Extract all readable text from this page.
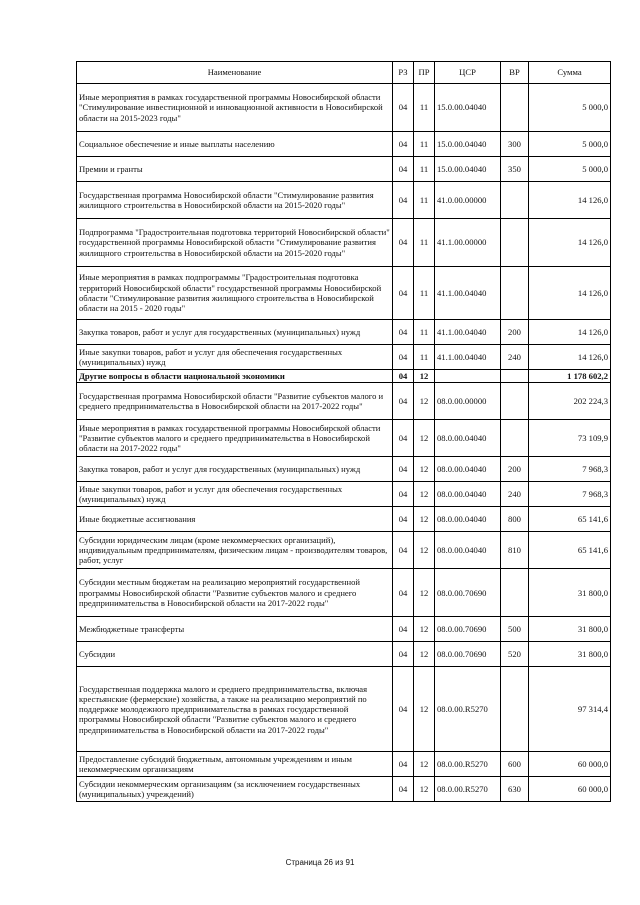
Наименование	РЗ	ПР	ЦСР	ВР	Сумма
Иные мероприятия в рамках государственной программы Новосибирской области "Стимулирование инвестиционной и инновационной активности в Новосибирской области на 2015-2023 годы"	04	11	15.0.00.04040		5 000,0
Социальное обеспечение и иные выплаты населению	04	11	15.0.00.04040	300	5 000,0
Премии и гранты	04	11	15.0.00.04040	350	5 000,0
Государственная программа Новосибирской области "Стимулирование развития жилищного строительства в Новосибирской области на 2015-2020 годы"	04	11	41.0.00.00000		14 126,0
Подпрограмма "Градостроительная подготовка территорий Новосибирской области" государственной программы Новосибирской области "Стимулирование развития жилищного строительства в Новосибирской области на 2015-2020 годы"	04	11	41.1.00.00000		14 126,0
Иные мероприятия в рамках подпрограммы "Градостроительная подготовка территорий Новосибирской области" государственной программы Новосибирской области "Стимулирование развития жилищного строительства в Новосибирской области на 2015 - 2020 годы"	04	11	41.1.00.04040		14 126,0
Закупка товаров, работ и услуг для государственных (муниципальных) нужд	04	11	41.1.00.04040	200	14 126,0
Иные закупки товаров, работ и услуг для обеспечения государственных (муниципальных) нужд	04	11	41.1.00.04040	240	14 126,0
Другие вопросы в области национальной экономики	04	12			1 178 602,2
Государственная программа Новосибирской области "Развитие субъектов малого и среднего предпринимательства в Новосибирской области на 2017-2022 годы"	04	12	08.0.00.00000		202 224,3
Иные мероприятия в рамках государственной программы Новосибирской области "Развитие субъектов малого и среднего предпринимательства в Новосибирской области на 2017-2022 годы"	04	12	08.0.00.04040		73 109,9
Закупка товаров, работ и услуг для государственных (муниципальных) нужд	04	12	08.0.00.04040	200	7 968,3
Иные закупки товаров, работ и услуг для обеспечения государственных (муниципальных) нужд	04	12	08.0.00.04040	240	7 968,3
Иные бюджетные ассигнования	04	12	08.0.00.04040	800	65 141,6
Субсидии юридическим лицам (кроме некоммерческих организаций), индивидуальным предпринимателям, физическим лицам - производителям товаров, работ, услуг	04	12	08.0.00.04040	810	65 141,6
Субсидии местным бюджетам на реализацию мероприятий государственной программы Новосибирской области "Развитие субъектов малого и среднего предпринимательства в Новосибирской области на 2017-2022 годы"	04	12	08.0.00.70690		31 800,0
Межбюджетные трансферты	04	12	08.0.00.70690	500	31 800,0
Субсидии	04	12	08.0.00.70690	520	31 800,0
Государственная поддержка малого и среднего предпринимательства, включая крестьянские (фермерские) хозяйства, а также на реализацию мероприятий по поддержке молодежного предпринимательства в рамках государственной программы Новосибирской области "Развитие субъектов малого и среднего предпринимательства в Новосибирской области на 2017-2022 годы"	04	12	08.0.00.R5270		97 314,4
Предоставление субсидий бюджетным, автономным учреждениям и иным некоммерческим организациям	04	12	08.0.00.R5270	600	60 000,0
Субсидии некоммерческим организациям (за исключением государственных (муниципальных) учреждений)	04	12	08.0.00.R5270	630	60 000,0
Страница 26 из 91
